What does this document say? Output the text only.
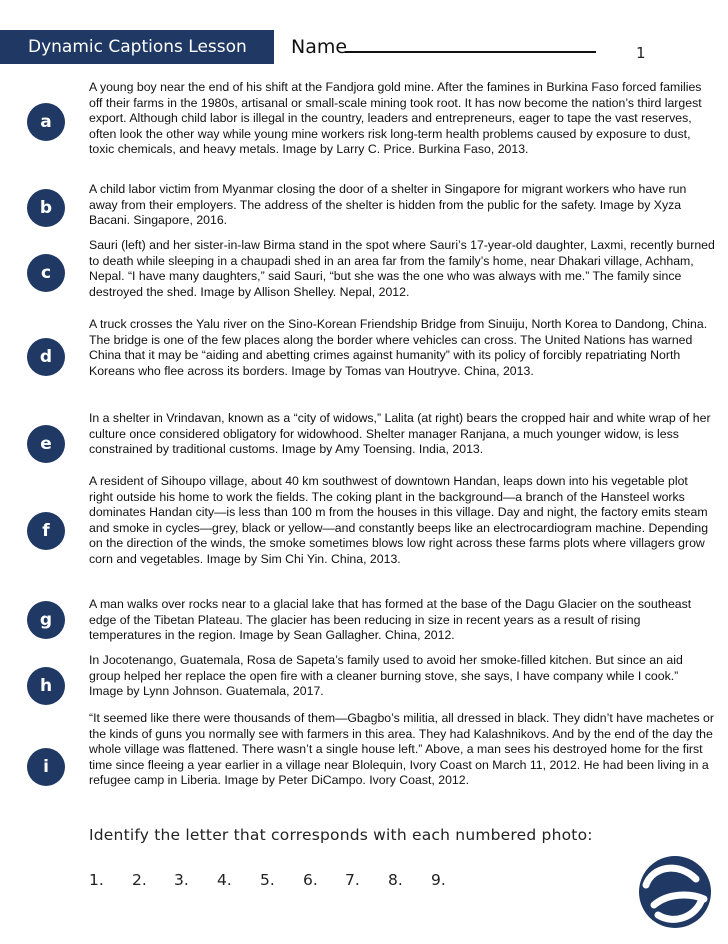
Dynamic Captions Lesson Name	1
a
A young boy near the end of his shift at the Fandjora gold mine. After the famines in Burkina Faso forced families off their farms in the 1980s, artisanal or small-scale mining took root. It has now become the nation’s third largest export. Although child labor is illegal in the country, leaders and entrepreneurs, eager to tape the vast reserves, often look the other way while young mine workers risk long-term health problems caused by exposure to dust, toxic chemicals, and heavy metals. Image by Larry C. Price. Burkina Faso, 2013.
b
A child labor victim from Myanmar closing the door of a shelter in Singapore for migrant workers who have run away from their employers. The address of the shelter is hidden from the public for the safety. Image by Xyza Bacani. Singapore, 2016.
c
Sauri (left) and her sister-in-law Birma stand in the spot where Sauri’s 17-year-old daughter, Laxmi, recently burned to death while sleeping in a chaupadi shed in an area far from the family’s home, near Dhakari village, Achham, Nepal. “I have many daughters,” said Sauri, “but she was the one who was always with me.” The family since destroyed the shed. Image by Allison Shelley. Nepal, 2012.
d
A truck crosses the Yalu river on the Sino-Korean Friendship Bridge from Sinuiju, North Korea to Dandong, China. The bridge is one of the few places along the border where vehicles can cross. The United Nations has warned China that it may be “aiding and abetting crimes against humanity” with its policy of forcibly repatriating North Koreans who flee across its borders. Image by Tomas van Houtryve. China, 2013.
e
In a shelter in Vrindavan, known as a “city of widows,” Lalita (at right) bears the cropped hair and white wrap of her culture once considered obligatory for widowhood. Shelter manager Ranjana, a much younger widow, is less constrained by traditional customs. Image by Amy Toensing. India, 2013.
f
A resident of Sihoupo village, about 40 km southwest of downtown Handan, leaps down into his vegetable plot right outside his home to work the fields. The coking plant in the background—a branch of the Hansteel works dominates Handan city—is less than 100 m from the houses in this village. Day and night, the factory emits steam and smoke in cycles—grey, black or yellow—and constantly beeps like an electrocardiogram machine. Depending on the direction of the winds, the smoke sometimes blows low right across these farms plots where villagers grow corn and vegetables. Image by Sim Chi Yin. China, 2013.
g
A man walks over rocks near to a glacial lake that has formed at the base of the Dagu Glacier on the southeast edge of the Tibetan Plateau. The glacier has been reducing in size in recent years as a result of rising temperatures in the region. Image by Sean Gallagher. China, 2012.
h
In Jocotenango, Guatemala, Rosa de Sapeta’s family used to avoid her smoke-filled kitchen. But since an aid group helped her replace the open fire with a cleaner burning stove, she says, I have company while I cook.” Image by Lynn Johnson. Guatemala, 2017.
i
“It seemed like there were thousands of them—Gbagbo’s militia, all dressed in black. They didn’t have machetes or the kinds of guns you normally see with farmers in this area. They had Kalashnikovs. And by the end of the day the whole village was flattened. There wasn’t a single house left.” Above, a man sees his destroyed home for the first time since fleeing a year earlier in a village near Blolequin, Ivory Coast on March 11, 2012. He had been living in a refugee camp in Liberia. Image by Peter DiCampo. Ivory Coast, 2012.
Identify the letter that corresponds with each numbered photo:
1. 2. 3. 4. 5. 6. 7. 8. 9.
